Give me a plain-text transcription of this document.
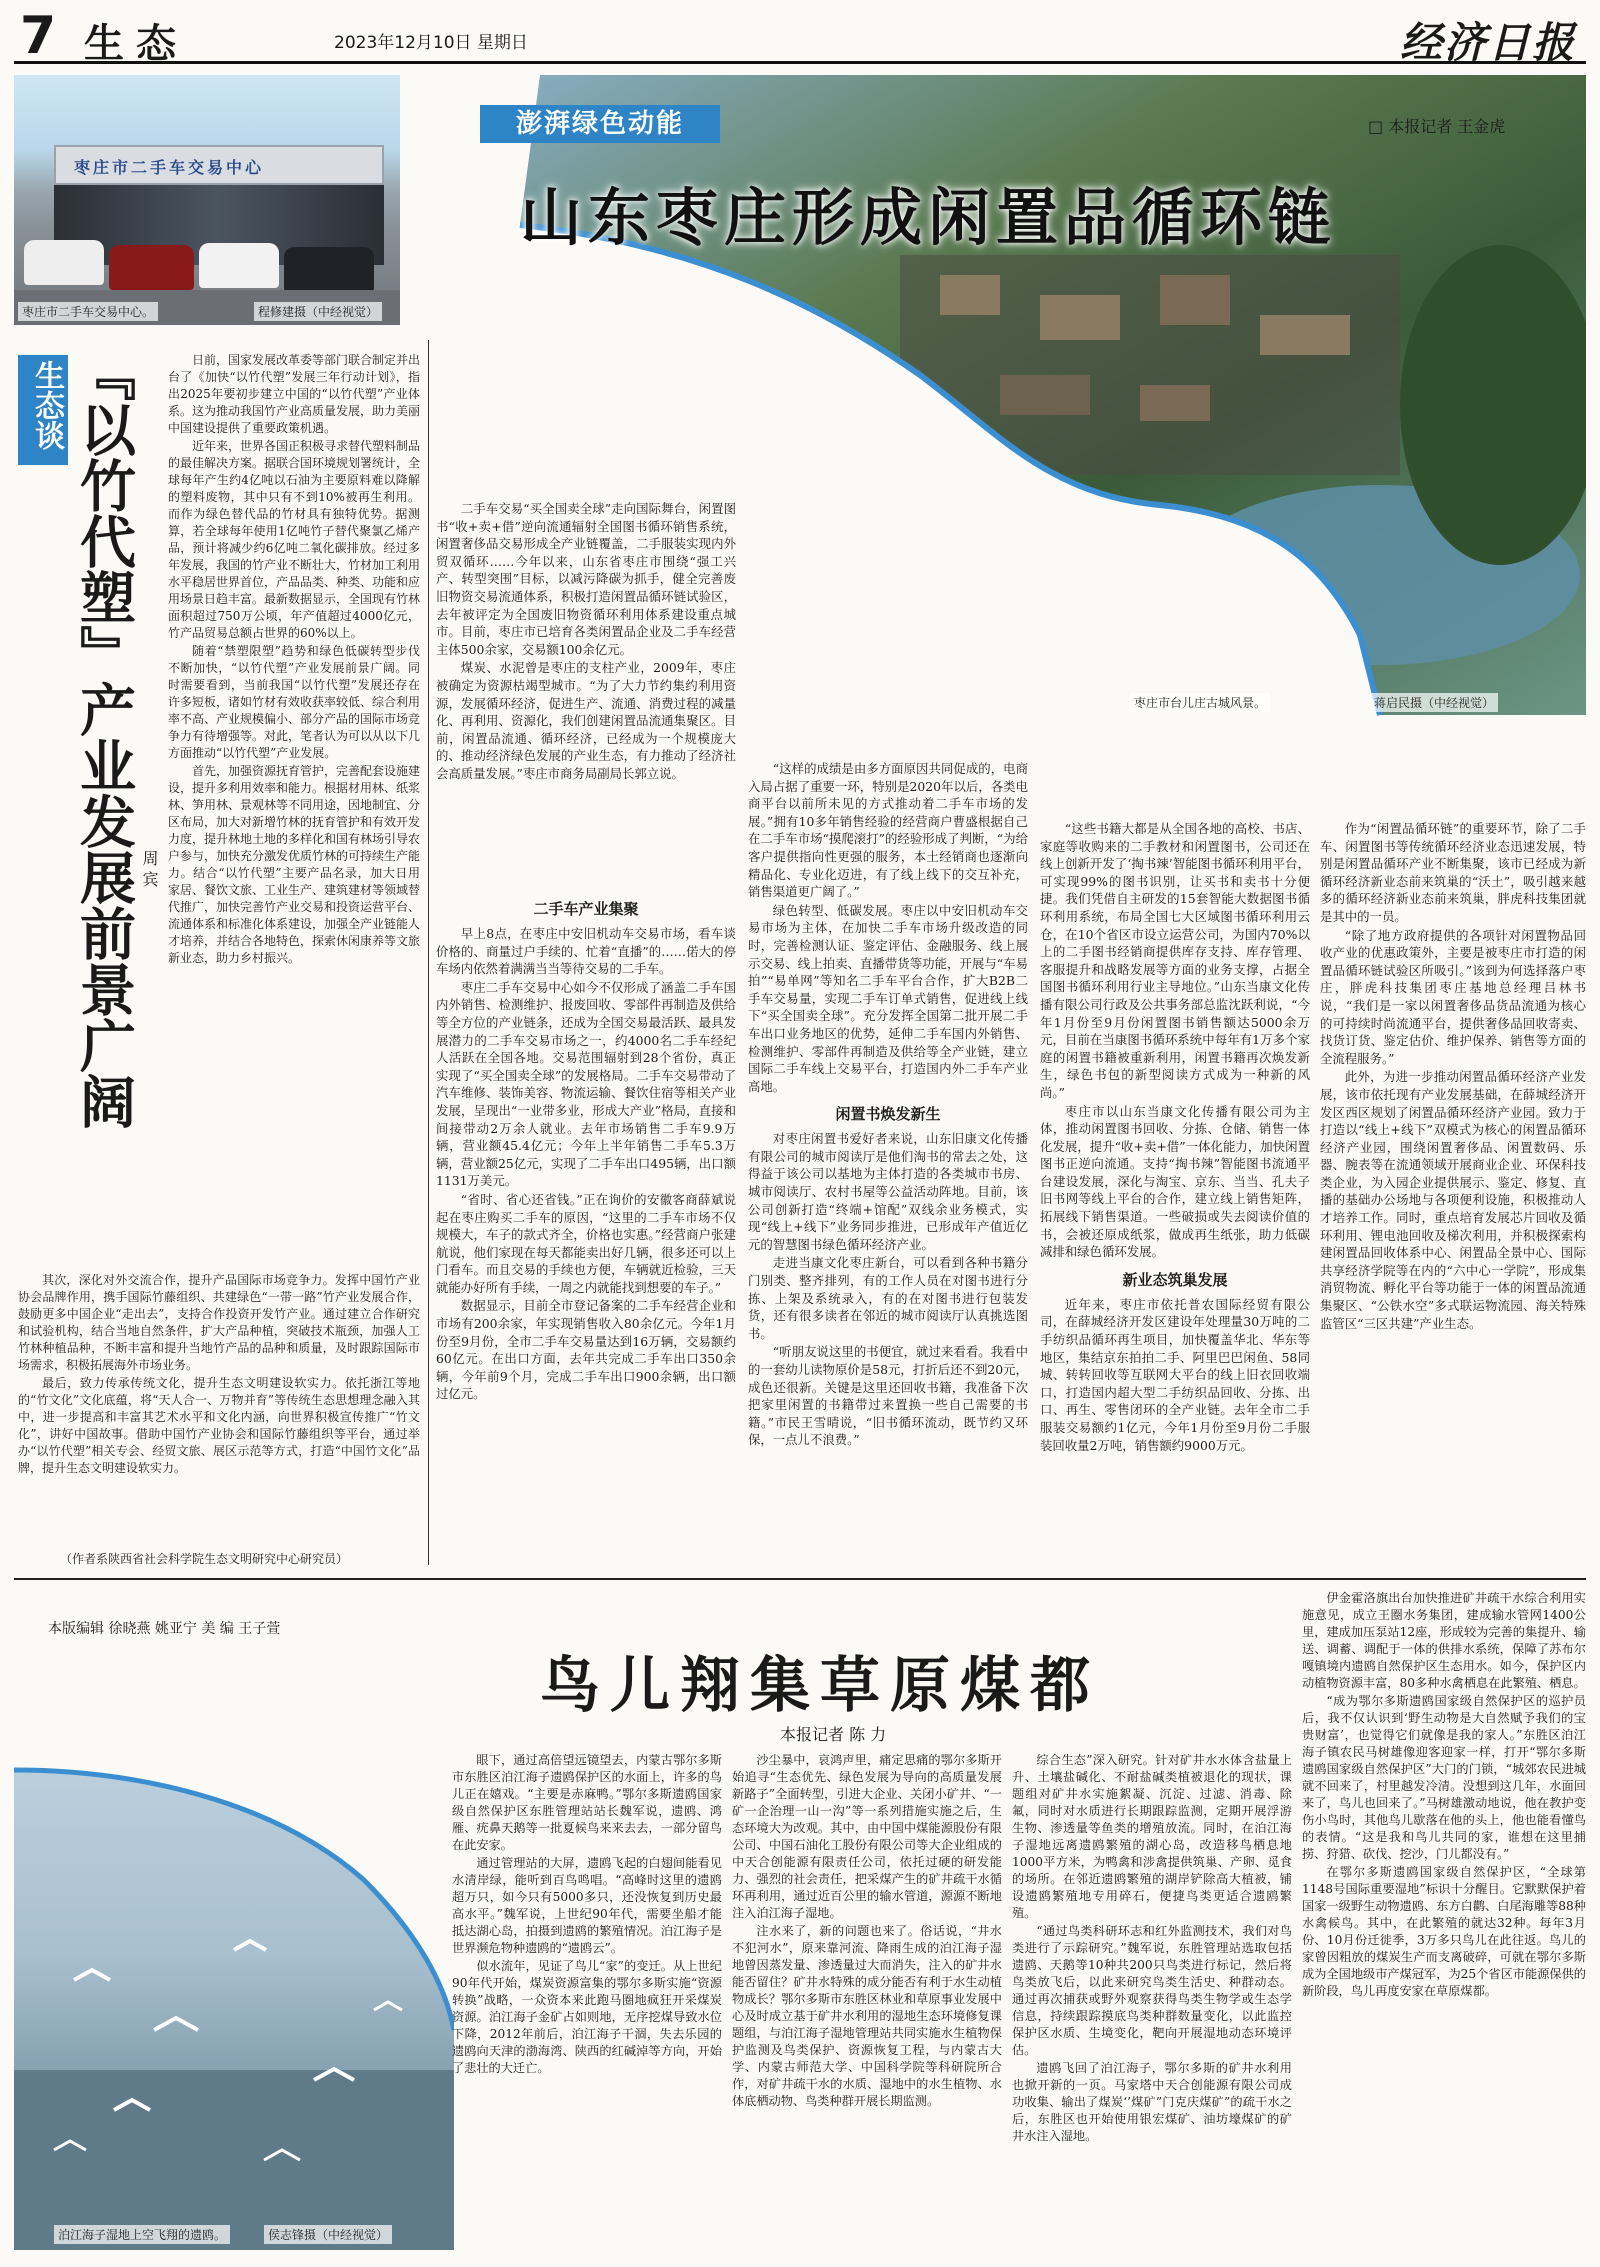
7 生态	2023年12月10日 星期日	经济日报
枣庄市二手车交易中心
枣庄市二手车交易中心。	程修建摄（中经视觉）
枣庄市台儿庄古城风景。	蒋启民摄（中经视觉）
澎湃绿色动能	□ 本报记者 王金虎
山东枣庄形成闲置品循环链
生态谈 『以竹代塑』产业发展前景广阔 周 宾

日前，国家发展改革委等部门联合制定并出台了《加快“以竹代塑”发展三年行动计划》，指出2025年要初步建立中国的“以竹代塑”产业体系。这为推动我国竹产业高质量发展，助力美丽中国建设提供了重要政策机遇。

近年来，世界各国正积极寻求替代塑料制品的最佳解决方案。据联合国环境规划署统计，全球每年产生约4亿吨以石油为主要原料难以降解的塑料废物，其中只有不到10%被再生利用。而作为绿色替代品的竹材具有独特优势。据测算，若全球每年使用1亿吨竹子替代聚氯乙烯产品，预计将减少约6亿吨二氧化碳排放。经过多年发展，我国的竹产业不断壮大，竹材加工利用水平稳居世界首位，产品品类、种类、功能和应用场景日趋丰富。最新数据显示，全国现有竹林面积超过750万公顷，年产值超过4000亿元，竹产品贸易总额占世界的60%以上。

随着“禁塑限塑”趋势和绿色低碳转型步伐不断加快，“以竹代塑”产业发展前景广阔。同时需要看到，当前我国“以竹代塑”发展还存在许多短板，诸如竹材有效收获率较低、综合利用率不高、产业规模偏小、部分产品的国际市场竞争力有待增强等。对此，笔者认为可以从以下几方面推动“以竹代塑”产业发展。

首先，加强资源抚育管护，完善配套设施建设，提升多利用效率和能力。根据材用林、纸浆林、笋用林、景观林等不同用途，因地制宜、分区布局，加大对新增竹林的抚育管护和有效开发力度，提升林地土地的多样化和国有林场引导农户参与，加快充分激发优质竹林的可持续生产能力。结合“以竹代塑”主要产品名录，加大日用家居、餐饮文旅、工业生产、建筑建材等领域替代推广，加快完善竹产业交易和投资运营平台、流通体系和标准化体系建设，加强全产业链能人才培养，并结合各地特色，探索休闲康养等文旅新业态，助力乡村振兴。

其次，深化对外交流合作，提升产品国际市场竞争力。发挥中国竹产业协会品牌作用，携手国际竹藤组织、共建绿色“一带一路”竹产业发展合作，鼓励更多中国企业“走出去”，支持合作投资开发竹产业。通过建立合作研究和试验机构，结合当地自然条件，扩大产品种植，突破技术瓶颈，加强人工竹林种植品种，不断丰富和提升当地竹产品的品种和质量，及时跟踪国际市场需求，积极拓展海外市场业务。

最后，致力传承传统文化，提升生态文明建设软实力。依托浙江等地的“竹文化”文化底蕴，将“天人合一、万物并育”等传统生态思想理念融入其中，进一步提高和丰富其艺术水平和文化内涵，向世界积极宣传推广“竹文化”，讲好中国故事。借助中国竹产业协会和国际竹藤组织等平台，通过举办“以竹代塑”相关专会、经贸文旅、展区示范等方式，打造“中国竹文化”品牌，提升生态文明建设软实力。

（作者系陕西省社会科学院生态文明研究中心研究员）

二手车交易“买全国卖全球”走向国际舞台，闲置图书“收+卖+借”逆向流通辐射全国图书循环销售系统，闲置奢侈品交易形成全产业链覆盖，二手服装实现内外贸双循环……今年以来，山东省枣庄市围绕“强工兴产、转型突围”目标，以减污降碳为抓手，健全完善废旧物资交易流通体系，积极打造闲置品循环链试验区，去年被评定为全国废旧物资循环利用体系建设重点城市。目前，枣庄市已培育各类闲置品企业及二手车经营主体500余家，交易额100余亿元。

煤炭、水泥曾是枣庄的支柱产业，2009年，枣庄被确定为资源枯竭型城市。“为了大力节约集约利用资源，发展循环经济，促进生产、流通、消费过程的减量化、再利用、资源化，我们创建闲置品流通集聚区。目前，闲置品流通、循环经济，已经成为一个规模庞大的、推动经济绿色发展的产业生态，有力推动了经济社会高质量发展。”枣庄市商务局副局长郭立说。

二手车产业集聚

早上8点，在枣庄中安旧机动车交易市场，看车谈价格的、商量过户手续的、忙着“直播”的……偌大的停车场内依然着满满当当等待交易的二手车。

枣庄二手车交易中心如今不仅形成了涵盖二手车国内外销售、检测维护、报废回收、零部件再制造及供给等全方位的产业链条，还成为全国交易最活跃、最具发展潜力的二手车交易市场之一，约4000名二手车经纪人活跃在全国各地。交易范围辐射到28个省份，真正实现了“买全国卖全球”的发展格局。二手车交易带动了汽车维修、装饰美容、物流运输、餐饮住宿等相关产业发展，呈现出“一业带多业，形成大产业”格局，直接和间接带动2万余人就业。去年市场销售二手车9.9万辆，营业额45.4亿元；今年上半年销售二手车5.3万辆，营业额25亿元，实现了二手车出口495辆，出口额1131万美元。

“省时、省心还省钱。”正在询价的安徽客商薛斌说起在枣庄购买二手车的原因，“这里的二手车市场不仅规模大，车子的款式齐全，价格也实惠。”经营商户张建航说，他们家现在每天都能卖出好几辆，很多还可以上门看车。而且交易的手续也方便，车辆就近检验，三天就能办好所有手续，一周之内就能找到想要的车子。”

数据显示，目前全市登记备案的二手车经营企业和市场有200余家，年实现销售收入80余亿元。今年1月份至9月份，全市二手车交易量达到16万辆，交易额约60亿元。在出口方面，去年共完成二手车出口350余辆，今年前9个月，完成二手车出口900余辆，出口额过亿元。

“这样的成绩是由多方面原因共同促成的，电商入局占据了重要一环，特别是2020年以后，各类电商平台以前所未见的方式推动着二手车市场的发展。”拥有10多年销售经验的经营商户曹盛根据自己在二手车市场“摸爬滚打”的经验形成了判断，“为给客户提供指向性更强的服务，本土经销商也逐渐向精品化、专业化迈进，有了线上线下的交互补充，销售渠道更广阔了。”

绿色转型、低碳发展。枣庄以中安旧机动车交易市场为主体，在加快二手车市场升级改造的同时，完善检测认证、鉴定评估、金融服务、线上展示交易、线上拍卖、直播带货等功能，开展与“车易拍”“易单网”等知名二手车平台合作，扩大B2B二手车交易量，实现二手车订单式销售，促进线上线下“买全国卖全球”。充分发挥全国第二批开展二手车出口业务地区的优势，延伸二手车国内外销售、检测维护、零部件再制造及供给等全产业链，建立国际二手车线上交易平台，打造国内外二手车产业高地。

闲置书焕发新生

对枣庄闲置书爱好者来说，山东旧康文化传播有限公司的城市阅读厅是他们淘书的常去之处，这得益于该公司以基地为主体打造的各类城市书房、城市阅读厅、农村书屋等公益活动阵地。目前，该公司创新打造“终端+馆配”双线余业务模式，实现“线上+线下”业务同步推进，已形成年产值近亿元的智慧图书绿色循环经济产业。

走进当康文化枣庄新台，可以看到各种书籍分门别类、整齐排列，有的工作人员在对图书进行分拣、上架及系统录入，有的在对图书进行包装发货，还有很多读者在邻近的城市阅读厅认真挑选图书。

“听朋友说这里的书便宜，就过来看看。我看中的一套幼儿读物原价是58元，打折后还不到20元，成色还很新。关键是这里还回收书籍，我准备下次把家里闲置的书籍带过来置换一些自己需要的书籍。”市民王雪晴说，“旧书循环流动，既节约又环保，一点儿不浪费。”

“这些书籍大都是从全国各地的高校、书店、家庭等收购来的二手教材和闲置图书，公司还在线上创新开发了‘掏书辣’智能图书循环利用平台，可实现99%的图书识别，让买书和卖书十分便捷。我们凭借自主研发的15套智能大数据图书循环利用系统，布局全国七大区域图书循环利用云仓，在10个省区市设立运营公司，为国内70%以上的二手图书经销商提供库存支持、库存管理、客服提升和战略发展等方面的业务支撑，占据全国图书循环利用行业主导地位。”山东当康文化传播有限公司行政及公共事务部总监沈跃利说，“今年1月份至9月份闲置图书销售额达5000余万元，目前在当康图书循环系统中每年有1万多个家庭的闲置书籍被重新利用，闲置书籍再次焕发新生，绿色书包的新型阅读方式成为一种新的风尚。”

枣庄市以山东当康文化传播有限公司为主体，推动闲置图书回收、分拣、仓储、销售一体化发展，提升“收+卖+借”一体化能力，加快闲置图书正逆向流通。支持“掏书辣”智能图书流通平台建设发展，深化与淘宝、京东、当当、孔夫子旧书网等线上平台的合作，建立线上销售矩阵，拓展线下销售渠道。一些破损或失去阅读价值的书，会被还原成纸浆，做成再生纸张，助力低碳减排和绿色循环发展。

新业态筑巢发展

近年来，枣庄市依托普农国际经贸有限公司，在薛城经济开发区建设年处理量30万吨的二手纺织品循环再生项目，加快覆盖华北、华东等地区，集结京东拍拍二手、阿里巴巴闲鱼、58同城、转转回收等互联网大平台的线上旧衣回收端口，打造国内超大型二手纺织品回收、分拣、出口、再生、零售闭环的全产业链。去年全市二手服装交易额约1亿元，今年1月份至9月份二手服装回收量2万吨，销售额约9000万元。

作为“闲置品循环链”的重要环节，除了二手车、闲置图书等传统循环经济业态迅速发展，特别是闲置品循环产业不断集聚，该市已经成为新循环经济新业态前来筑巢的“沃土”，吸引越来越多的循环经济新业态前来筑巢，胖虎科技集团就是其中的一员。

“除了地方政府提供的各项针对闲置物品回收产业的优惠政策外，主要是被枣庄市打造的闲置品循环链试验区所吸引。”该到为何选择落户枣庄，胖虎科技集团枣庄基地总经理吕林书说，“我们是一家以闲置奢侈品货品流通为核心的可持续时尚流通平台，提供奢侈品回收寄卖、找货订货、鉴定估价、维护保养、销售等方面的全流程服务。”

此外，为进一步推动闲置品循环经济产业发展，该市依托现有产业发展基础，在薛城经济开发区西区规划了闲置品循环经济产业园。致力于打造以“线上+线下”双模式为核心的闲置品循环经济产业园，围绕闲置奢侈品、闲置数码、乐器、腕表等在流通领域开展商业企业、环保科技类企业，为入园企业提供展示、鉴定、修复、直播的基础办公场地与各项便利设施，积极推动人才培养工作。同时，重点培育发展芯片回收及循环利用、锂电池回收及梯次利用，并积极探索构建闲置品回收体系中心、闲置品全景中心、国际共享经济学院等在内的“六中心一学院”，形成集消贸物流、孵化平台等功能于一体的闲置品流通集聚区、“公铁水空”多式联运物流园、海关特殊监管区“三区共建”产业生态。

本版编辑 徐晓燕 姚亚宁 美 编 王子萱
鸟儿翔集草原煤都
本报记者 陈 力
泊江海子湿地上空飞翔的遗鸥。	侯志锋摄（中经视觉）

眼下，通过高倍望远镜望去，内蒙古鄂尔多斯市东胜区泊江海子遗鸥保护区的水面上，许多的鸟儿正在嬉戏。“主要是赤麻鸭。”鄂尔多斯遗鸥国家级自然保护区东胜管理站站长魏军说，遗鸥、鸿雁、疣鼻天鹅等一批夏候鸟来来去去，一部分留鸟在此安家。

通过管理站的大屏，遗鸥飞起的白翅间能看见水清岸绿，能听到百鸟鸣唱。“高峰时这里的遗鸥超万只，如今只有5000多只，还没恢复到历史最高水平。”魏军说，上世纪90年代，需要坐船才能抵达湖心岛，拍摄到遗鸥的繁殖情况。泊江海子是世界濒危物种遗鸥的“遗鸥云”。

似水流年，见证了鸟儿“家”的变迁。从上世纪90年代开始，煤炭资源富集的鄂尔多斯实施“资源转换”战略，一众资本来此跑马圈地疯狂开采煤炭资源。泊江海子金矿占如则地，无序挖煤导致水位下降，2012年前后，泊江海子干涸，失去乐园的遗鸥向天津的渤海湾、陕西的红碱淖等方向，开始了悲壮的大迁亡。

沙尘暴中，哀鸿声里，痛定思痛的鄂尔多斯开始追寻“生态优先、绿色发展为导向的高质量发展新路子”全面转型，引进大企业、关闭小矿井、“一矿一企治理一山一沟”等一系列措施实施之后，生态环境大为改观。其中，由中国中煤能源股份有限公司、中国石油化工股份有限公司等大企业组成的中天合创能源有限责任公司，依托过硬的研发能力、强烈的社会责任，把采煤产生的矿井疏干水循环再利用，通过近百公里的输水管道，源源不断地注入泊江海子湿地。

注水来了，新的问题也来了。俗话说，“井水不犯河水”，原来靠河流、降雨生成的泊江海子湿地曾因蒸发量、渗透量过大而消失，注入的矿井水能否留住？矿井水特殊的成分能否有利于水生动植物成长？鄂尔多斯市东胜区林业和草原事业发展中心及时成立基于矿井水利用的湿地生态环境修复课题组，与泊江海子湿地管理站共同实施水生植物保护监测及鸟类保护、资源恢复工程，与内蒙古大学、内蒙古师范大学、中国科学院等科研院所合作，对矿井疏干水的水质、湿地中的水生植物、水体底栖动物、鸟类种群开展长期监测。

综合生态”深入研究。针对矿井水水体含盐量上升、土壤盐碱化、不耐盐碱类植被退化的现状，课题组对矿井水实施絮凝、沉淀、过滤、消毒、除氟，同时对水质进行长期跟踪监测，定期开展浮游生物、渗透量等鱼类的增殖放流。同时，在泊江海子湿地远离遗鸥繁殖的湖心岛，改造移鸟栖息地1000平方米，为鸭禽和涉禽提供筑巢、产卵、觅食的场所。在邻近遗鸥繁殖的湖岸铲除高大植被，铺设遗鸥繁殖地专用碎石，便捷鸟类更适合遗鸥繁殖。

“通过鸟类科研环志和红外监测技术，我们对鸟类进行了示踪研究。”魏军说，东胜管理站选取包括遗鸥、天鹅等10种共200只鸟类进行标记，然后将鸟类放飞后，以此来研究鸟类生活史、种群动态。通过再次捕获或野外观察获得鸟类生物学或生态学信息，持续跟踪摸底鸟类种群数量变化，以此监控保护区水质、生境变化，靶向开展湿地动态环境评估。

遗鸥飞回了泊江海子，鄂尔多斯的矿井水利用也掀开新的一页。马家塔中天合创能源有限公司成功收集、输出了煤炭‘’煤矿”门克庆煤矿”的疏干水之后，东胜区也开始使用银宏煤矿、油坊壕煤矿的矿井水注入湿地。

伊金霍洛旗出台加快推进矿井疏干水综合利用实施意见，成立王圈水务集团，建成输水管网1400公里，建成加压泵站12座，形成较为完善的集提升、输送、调蓄、调配于一体的供排水系统，保障了苏布尔嘎镇境内遗鸥自然保护区生态用水。如今，保护区内动植物资源丰富，80多种水禽栖息在此繁殖、栖息。

“成为鄂尔多斯遗鸥国家级自然保护区的巡护员后，我不仅认识到‘野生动物是大自然赋予我们的宝贵财富’，也觉得它们就像是我的家人。”东胜区泊江海子镇农民马树雄像迎客迎家一样，打开“鄂尔多斯遗鸥国家级自然保护区”大门的门锁，“城郊农民进城就不回来了，村里越发冷清。没想到这几年，水面回来了，鸟儿也回来了。”马树雄激动地说，他在教护变伤小鸟时，其他鸟儿歇落在他的头上，他也能看懂鸟的表情。“这是我和鸟儿共同的家，谁想在这里捕捞、狩猎、砍伐、挖沙，门儿都没有。”

在鄂尔多斯遗鸥国家级自然保护区，“全球第1148号国际重要湿地”标识十分醒目。它默默保护着国家一级野生动物遗鸥、东方白鹳、白尾海雕等88种水禽候鸟。其中，在此繁殖的就达32种。每年3月份、10月份迁徙季，3万多只鸟儿在此往返。鸟儿的家曾因粗放的煤炭生产而支离破碎，可就在鄂尔多斯成为全国地级市产煤冠军，为25个省区市能源保供的新阶段，鸟儿再度安家在草原煤都。
